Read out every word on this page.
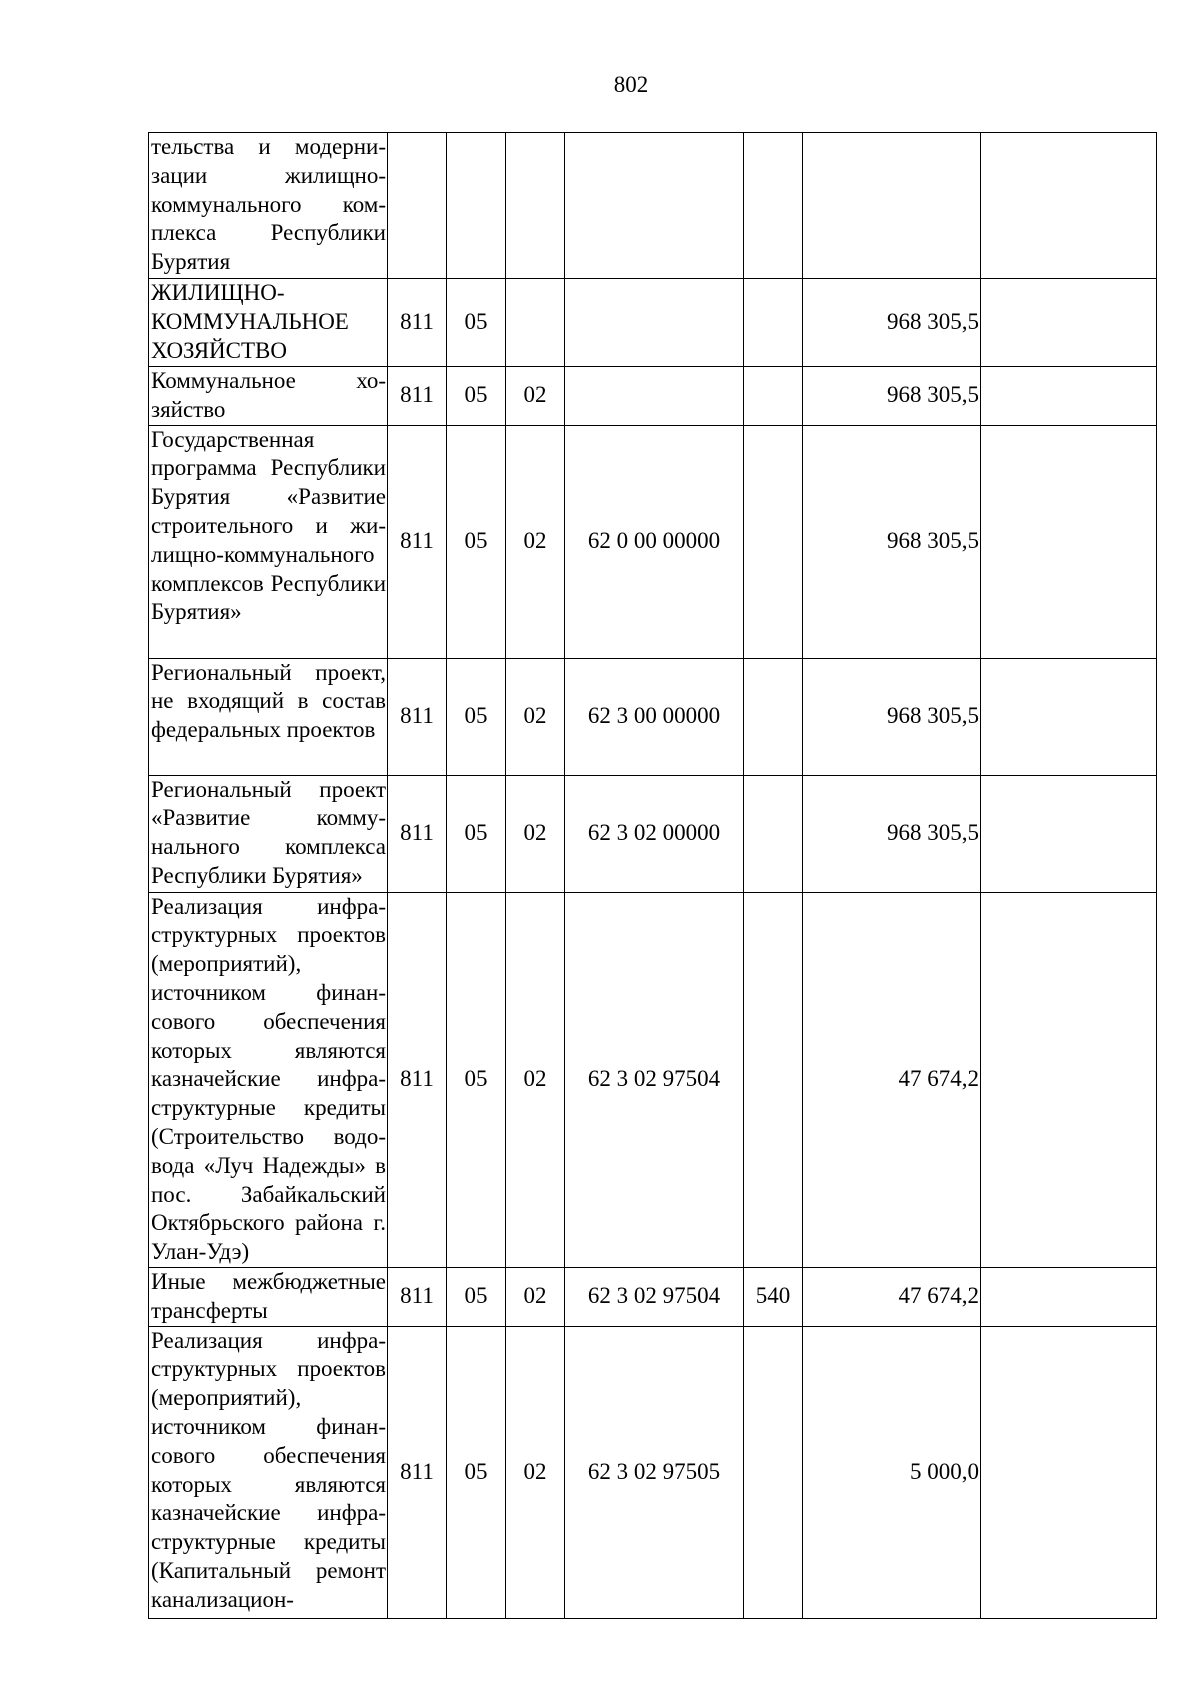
802
тельства и модернизации жилищно-коммунального комплекса Республики Бурятия							
ЖИЛИЩНО-КОММУНАЛЬНОЕ ХОЗЯЙСТВО	811	05				968 305,5	
Коммунальное хозяйство	811	05	02			968 305,5	
Государственная программа Республики Бурятия «Развитие строительного и жилищно-коммунального комплексов Республики Бурятия»	811	05	02	62 0 00 00000		968 305,5	
Региональный проект, не входящий в состав федеральных проектов	811	05	02	62 3 00 00000		968 305,5	
Региональный проект «Развитие коммунального комплекса Республики Бурятия»	811	05	02	62 3 02 00000		968 305,5	
Реализация инфраструктурных проектов (мероприятий), источником финансового обеспечения которых являются казначейские инфраструктурные кредиты (Строительство водовода «Луч Надежды» в пос. Забайкальский Октябрьского района г. Улан-Удэ)	811	05	02	62 3 02 97504		47 674,2	
Иные межбюджетные трансферты	811	05	02	62 3 02 97504	540	47 674,2	
Реализация инфраструктурных проектов (мероприятий), источником финансового обеспечения которых являются казначейские инфраструктурные кредиты (Капитальный ремонт канализацион-	811	05	02	62 3 02 97505		5 000,0	
